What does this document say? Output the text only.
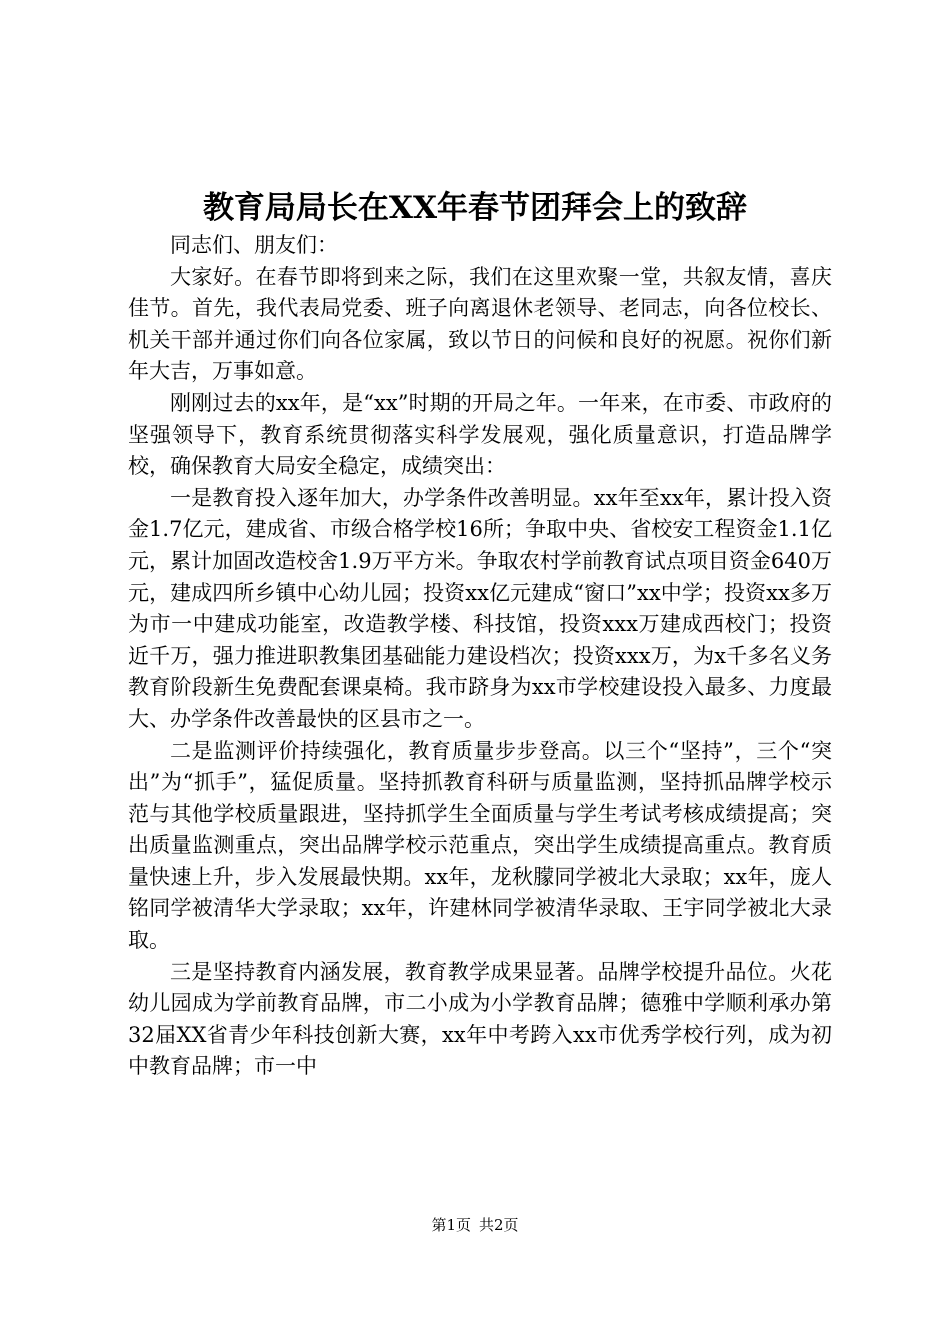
教育局局长在XX年春节团拜会上的致辞

同志们、朋友们：

大家好。在春节即将到来之际，我们在这里欢聚一堂，共叙友情，喜庆佳节。首先，我代表局党委、班子向离退休老领导、老同志，向各位校长、机关干部并通过你们向各位家属，致以节日的问候和良好的祝愿。祝你们新年大吉，万事如意。

刚刚过去的xx年，是“xx”时期的开局之年。一年来，在市委、市政府的坚强领导下，教育系统贯彻落实科学发展观，强化质量意识，打造品牌学校，确保教育大局安全稳定，成绩突出：

一是教育投入逐年加大，办学条件改善明显。xx年至xx年，累计投入资金1.7亿元，建成省、市级合格学校16所；争取中央、省校安工程资金1.1亿元，累计加固改造校舍1.9万平方米。争取农村学前教育试点项目资金640万元，建成四所乡镇中心幼儿园；投资xx亿元建成“窗口”xx中学；投资xx多万为市一中建成功能室，改造教学楼、科技馆，投资xxx万建成西校门；投资近千万，强力推进职教集团基础能力建设档次；投资xxx万，为x千多名义务教育阶段新生免费配套课桌椅。我市跻身为xx市学校建设投入最多、力度最大、办学条件改善最快的区县市之一。

二是监测评价持续强化，教育质量步步登高。以三个“坚持”，三个“突出”为“抓手”，猛促质量。坚持抓教育科研与质量监测，坚持抓品牌学校示范与其他学校质量跟进，坚持抓学生全面质量与学生考试考核成绩提高；突出质量监测重点，突出品牌学校示范重点，突出学生成绩提高重点。教育质量快速上升，步入发展最快期。xx年，龙秋朦同学被北大录取；xx年，庞人铭同学被清华大学录取；xx年，许建林同学被清华录取、王宇同学被北大录取。

三是坚持教育内涵发展，教育教学成果显著。品牌学校提升品位。火花幼儿园成为学前教育品牌，市二小成为小学教育品牌；德雅中学顺利承办第32届XX省青少年科技创新大赛，xx年中考跨入xx市优秀学校行列，成为初中教育品牌；市一中

第1页 共2页
